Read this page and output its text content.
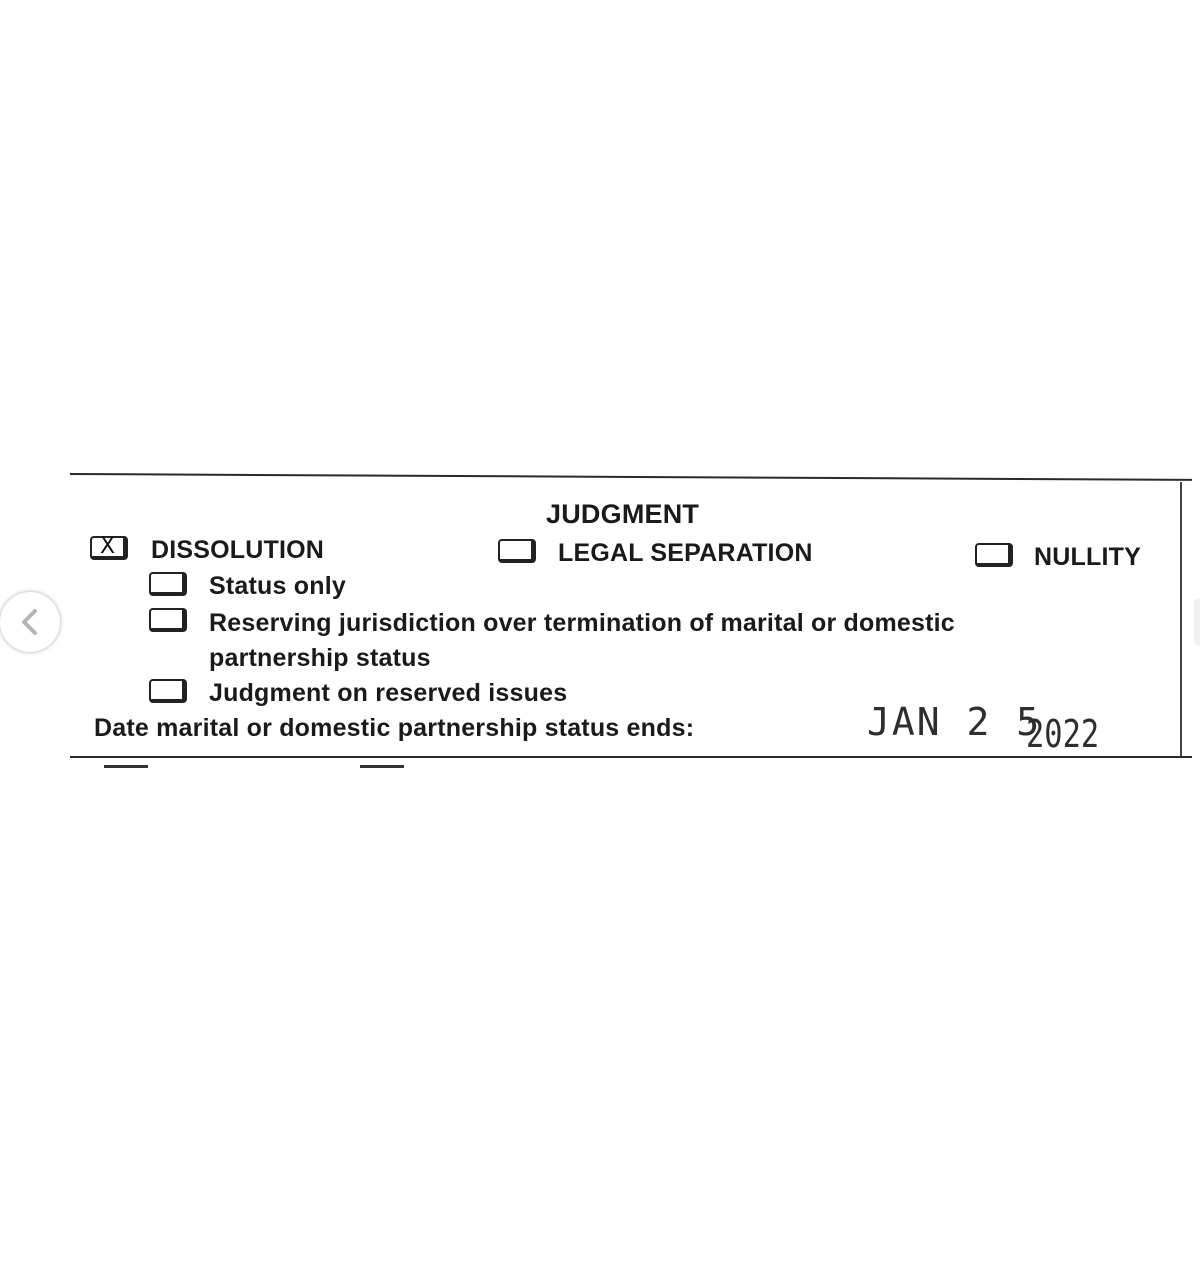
JUDGMENT
X DISSOLUTION	LEGAL SEPARATION	NULLITY
Status only
Reserving jurisdiction over termination of marital or domestic
partnership status
Judgment on reserved issues
Date marital or domestic partnership status ends:	JAN 2 5
2022
